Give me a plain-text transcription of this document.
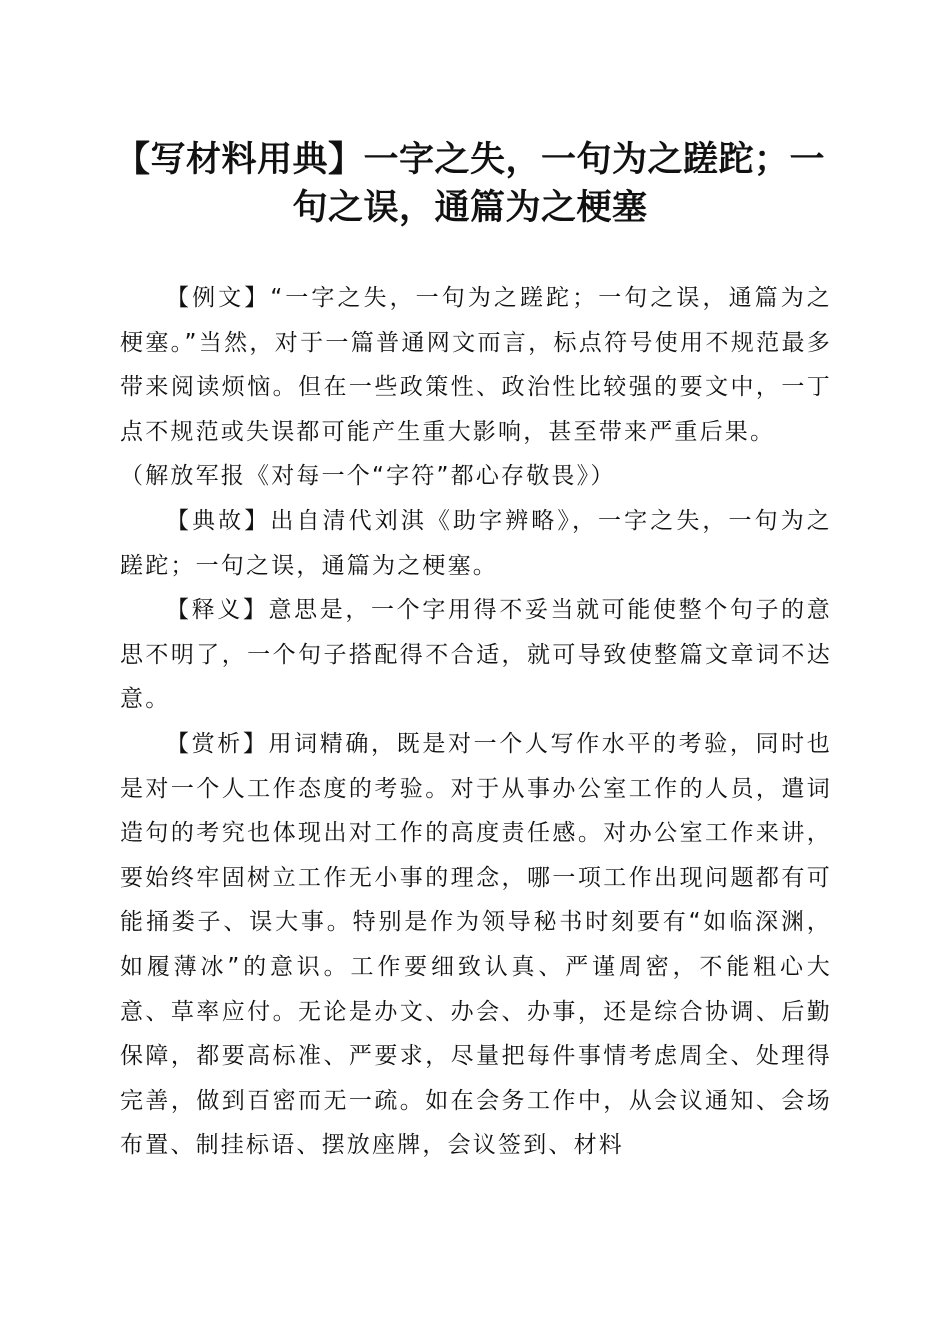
【写材料用典】一字之失，一句为之蹉跎；一句之误，通篇为之梗塞

【例文】“一字之失，一句为之蹉跎；一句之误，通篇为之梗塞。”当然，对于一篇普通网文而言，标点符号使用不规范最多带来阅读烦恼。但在一些政策性、政治性比较强的要文中，一丁点不规范或失误都可能产生重大影响，甚至带来严重后果。

（解放军报《对每一个“字符”都心存敬畏》）

【典故】出自清代刘淇《助字辨略》，一字之失，一句为之蹉跎；一句之误，通篇为之梗塞。

【释义】意思是，一个字用得不妥当就可能使整个句子的意思不明了，一个句子搭配得不合适，就可导致使整篇文章词不达意。

【赏析】用词精确，既是对一个人写作水平的考验，同时也是对一个人工作态度的考验。对于从事办公室工作的人员，遣词造句的考究也体现出对工作的高度责任感。对办公室工作来讲，要始终牢固树立工作无小事的理念，哪一项工作出现问题都有可能捅娄子、误大事。特别是作为领导秘书时刻要有“如临深渊，如履薄冰”的意识。工作要细致认真、严谨周密，不能粗心大意、草率应付。无论是办文、办会、办事，还是综合协调、后勤保障，都要高标准、严要求，尽量把每件事情考虑周全、处理得完善，做到百密而无一疏。如在会务工作中，从会议通知、会场布置、制挂标语、摆放座牌，会议签到、材料
